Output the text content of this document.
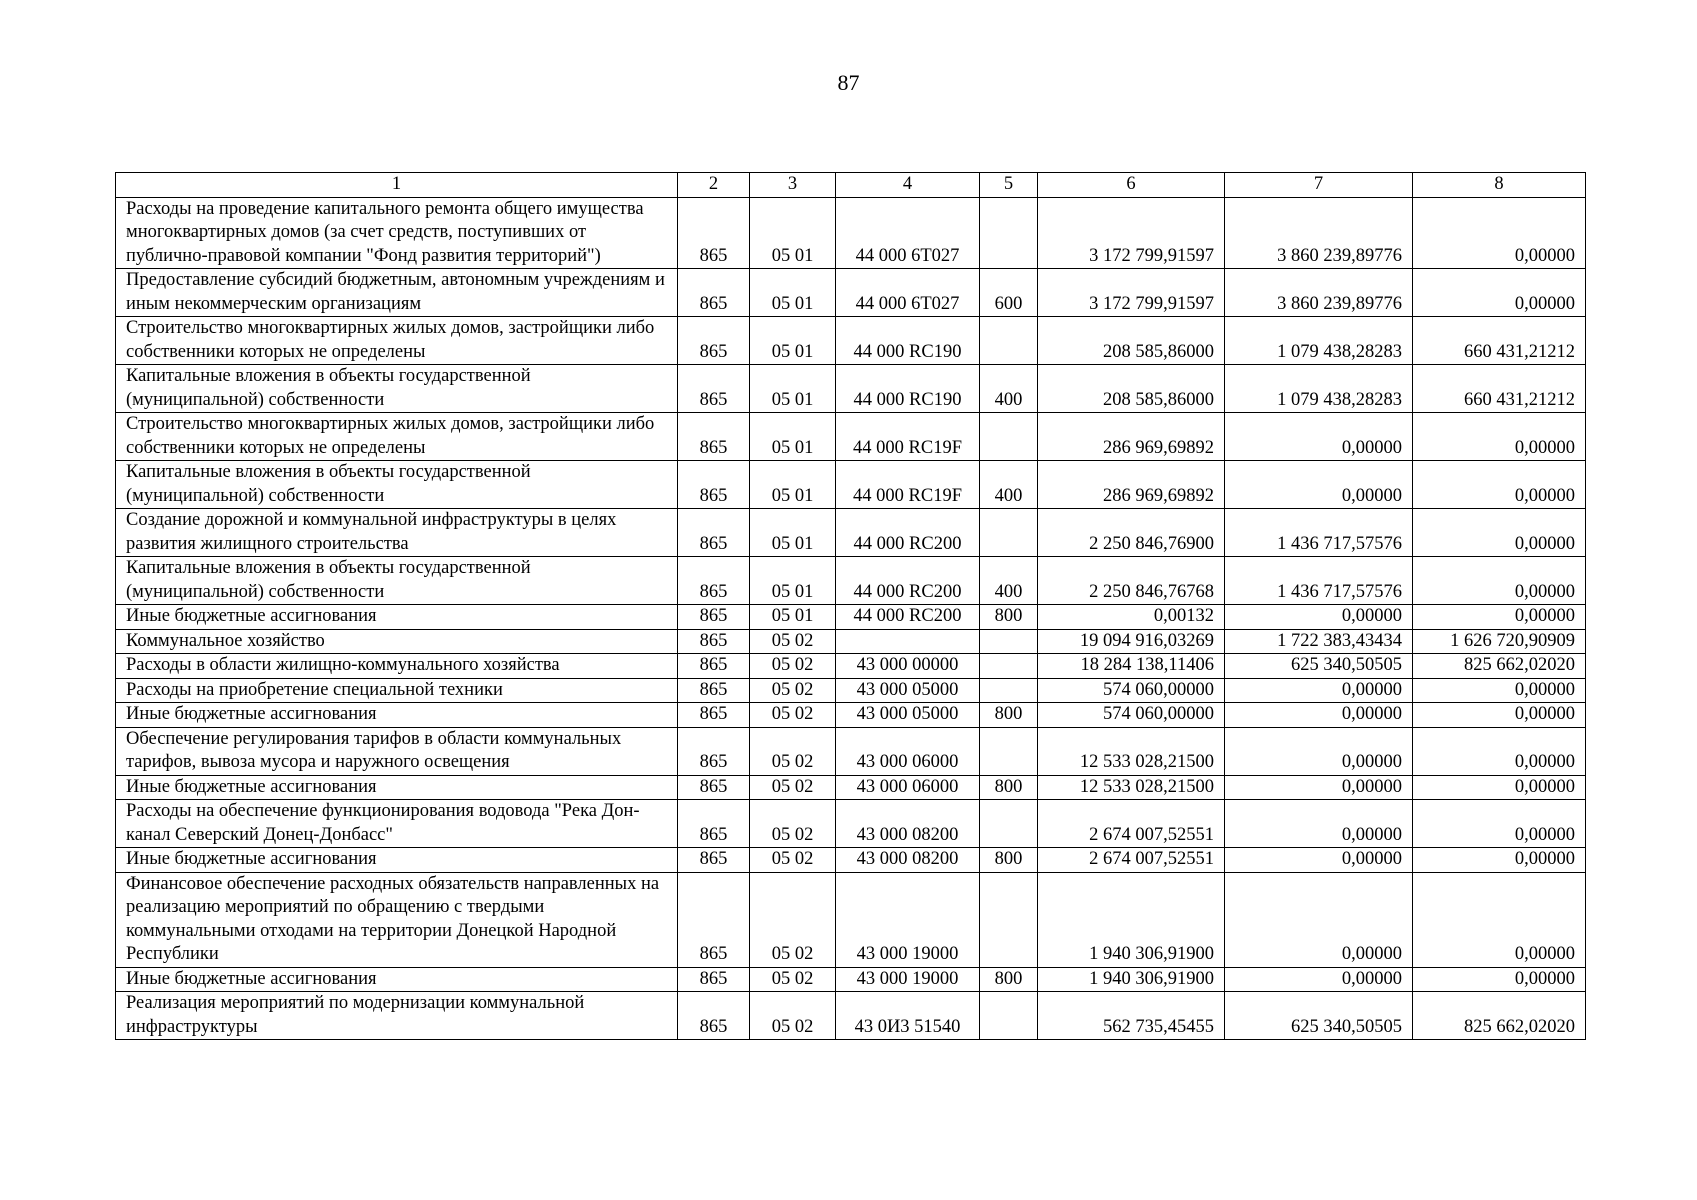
87
1	2	3	4	5	6	7	8
Расходы на проведение капитального ремонта общего имущества многоквартирных домов (за счет средств, поступивших от публично-правовой компании "Фонд развития территорий")	865	05 01	44 000 6T027		3 172 799,91597	3 860 239,89776	0,00000
Предоставление субсидий бюджетным, автономным учреждениям и иным некоммерческим организациям	865	05 01	44 000 6T027	600	3 172 799,91597	3 860 239,89776	0,00000
Строительство многоквартирных жилых домов, застройщики либо собственники которых не определены	865	05 01	44 000 RC190		208 585,86000	1 079 438,28283	660 431,21212
Капитальные вложения в объекты государственной (муниципальной) собственности	865	05 01	44 000 RC190	400	208 585,86000	1 079 438,28283	660 431,21212
Строительство многоквартирных жилых домов, застройщики либо собственники которых не определены	865	05 01	44 000 RC19F		286 969,69892	0,00000	0,00000
Капитальные вложения в объекты государственной (муниципальной) собственности	865	05 01	44 000 RC19F	400	286 969,69892	0,00000	0,00000
Создание дорожной и коммунальной инфраструктуры в целях развития жилищного строительства	865	05 01	44 000 RC200		2 250 846,76900	1 436 717,57576	0,00000
Капитальные вложения в объекты государственной (муниципальной) собственности	865	05 01	44 000 RC200	400	2 250 846,76768	1 436 717,57576	0,00000
Иные бюджетные ассигнования	865	05 01	44 000 RC200	800	0,00132	0,00000	0,00000
Коммунальное хозяйство	865	05 02			19 094 916,03269	1 722 383,43434	1 626 720,90909
Расходы в области жилищно-коммунального хозяйства	865	05 02	43 000 00000		18 284 138,11406	625 340,50505	825 662,02020
Расходы на приобретение специальной техники	865	05 02	43 000 05000		574 060,00000	0,00000	0,00000
Иные бюджетные ассигнования	865	05 02	43 000 05000	800	574 060,00000	0,00000	0,00000
Обеспечение регулирования тарифов в области коммунальных тарифов, вывоза мусора и наружного освещения	865	05 02	43 000 06000		12 533 028,21500	0,00000	0,00000
Иные бюджетные ассигнования	865	05 02	43 000 06000	800	12 533 028,21500	0,00000	0,00000
Расходы на обеспечение функционирования водовода "Река Дон-канал Северский Донец-Донбасс"	865	05 02	43 000 08200		2 674 007,52551	0,00000	0,00000
Иные бюджетные ассигнования	865	05 02	43 000 08200	800	2 674 007,52551	0,00000	0,00000
Финансовое обеспечение расходных обязательств направленных на реализацию мероприятий по обращению с твердыми коммунальными отходами на территории Донецкой Народной Республики	865	05 02	43 000 19000		1 940 306,91900	0,00000	0,00000
Иные бюджетные ассигнования	865	05 02	43 000 19000	800	1 940 306,91900	0,00000	0,00000
Реализация мероприятий по модернизации коммунальной инфраструктуры	865	05 02	43 0И3 51540		562 735,45455	625 340,50505	825 662,02020
